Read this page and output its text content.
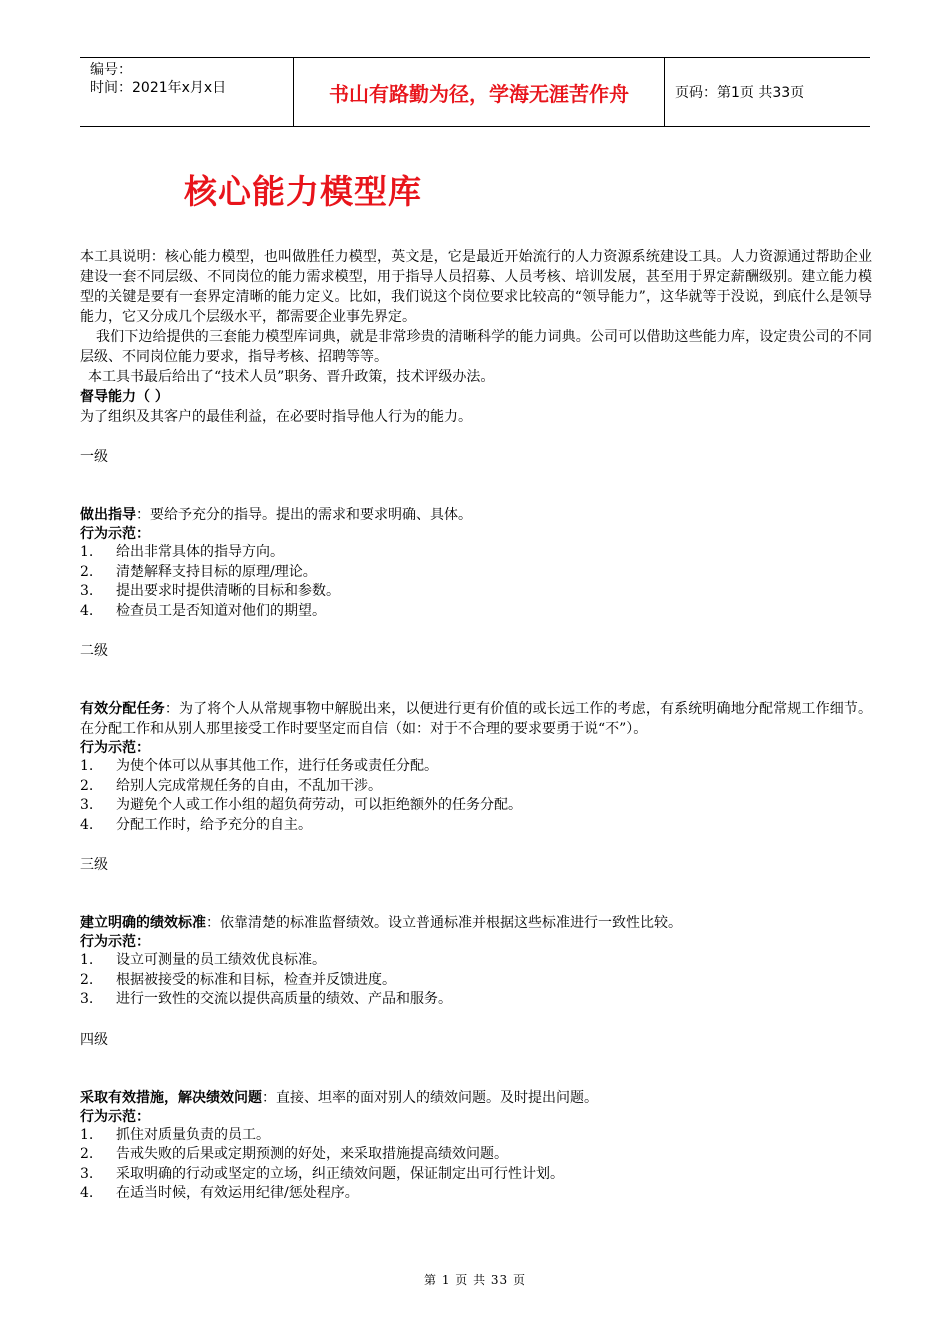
编号：
时间：2021年x月x日	书山有路勤为径，学海无涯苦作舟	页码：第1页 共33页
核心能力模型库

本工具说明：核心能力模型，也叫做胜任力模型，英文是，它是最近开始流行的人力资源系统建设工具。人力资源通过帮助企业建设一套不同层级、不同岗位的能力需求模型，用于指导人员招募、人员考核、培训发展，甚至用于界定薪酬级别。建立能力模型的关键是要有一套界定清晰的能力定义。比如，我们说这个岗位要求比较高的“领导能力”，这华就等于没说，到底什么是领导能力，它又分成几个层级水平，都需要企业事先界定。

我们下边给提供的三套能力模型库词典，就是非常珍贵的清晰科学的能力词典。公司可以借助这些能力库，设定贵公司的不同层级、不同岗位能力要求，指导考核、招聘等等。

本工具书最后给出了“技术人员”职务、晋升政策，技术评级办法。

督导能力（ ）

为了组织及其客户的最佳利益，在必要时指导他人行为的能力。

一级

做出指导：要给予充分的指导。提出的需求和要求明确、具体。

行为示范：

1.	给出非常具体的指导方向。
2.	清楚解释支持目标的原理/理论。
3.	提出要求时提供清晰的目标和参数。
4.	检查员工是否知道对他们的期望。
二级

有效分配任务：为了将个人从常规事物中解脱出来，以便进行更有价值的或长远工作的考虑，有系统明确地分配常规工作细节。在分配工作和从别人那里接受工作时要坚定而自信（如：对于不合理的要求要勇于说“不”）。

行为示范：

1.	为使个体可以从事其他工作，进行任务或责任分配。
2.	给别人完成常规任务的自由，不乱加干涉。
3.	为避免个人或工作小组的超负荷劳动，可以拒绝额外的任务分配。
4.	分配工作时，给予充分的自主。
三级

建立明确的绩效标准：依靠清楚的标准监督绩效。设立普通标准并根据这些标准进行一致性比较。

行为示范：

1.	设立可测量的员工绩效优良标准。
2.	根据被接受的标准和目标，检查并反馈进度。
3.	进行一致性的交流以提供高质量的绩效、产品和服务。
四级

采取有效措施，解决绩效问题：直接、坦率的面对别人的绩效问题。及时提出问题。

行为示范：

1.	抓住对质量负责的员工。
2.	告戒失败的后果或定期预测的好处，来采取措施提高绩效问题。
3.	采取明确的行动或坚定的立场，纠正绩效问题，保证制定出可行性计划。
4.	在适当时候，有效运用纪律/惩处程序。
第 1 页 共 33 页
